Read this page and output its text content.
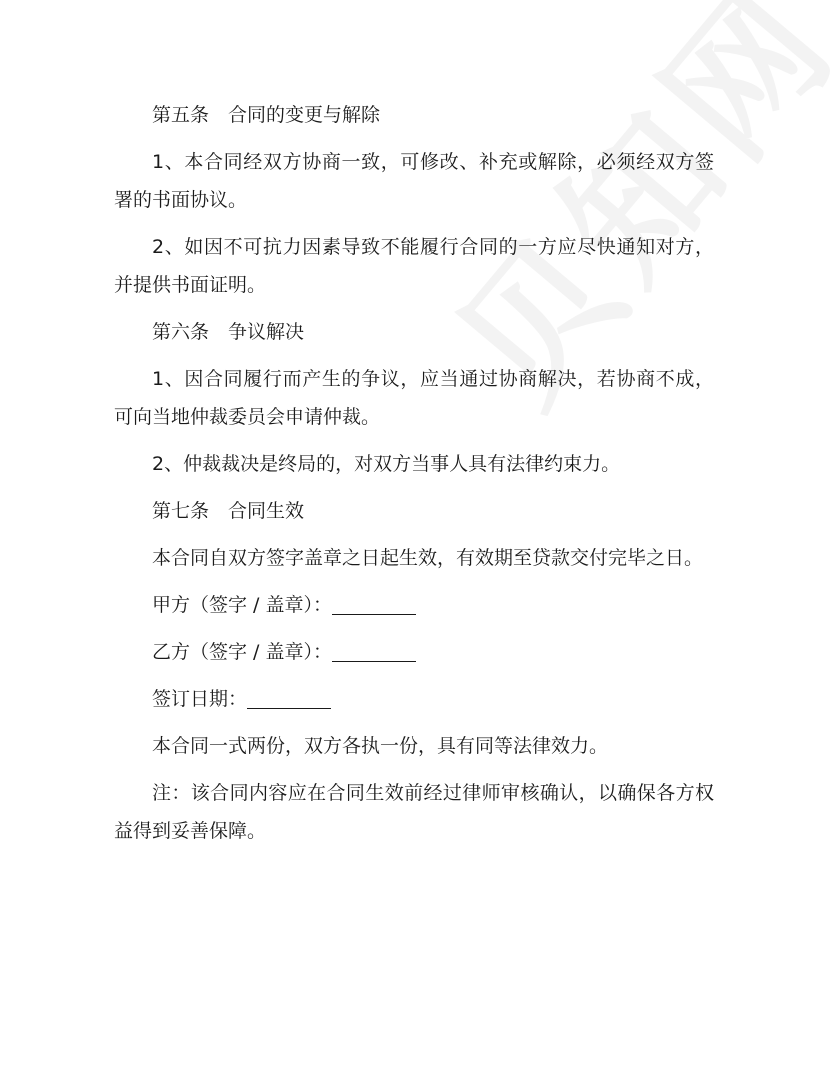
第五条　合同的变更与解除

1、本合同经双方协商一致，可修改、补充或解除，必须经双方签署的书面协议。

2、如因不可抗力因素导致不能履行合同的一方应尽快通知对方，并提供书面证明。

第六条　争议解决

1、因合同履行而产生的争议，应当通过协商解决，若协商不成，可向当地仲裁委员会申请仲裁。

2、仲裁裁决是终局的，对双方当事人具有法律约束力。

第七条　合同生效

本合同自双方签字盖章之日起生效，有效期至贷款交付完毕之日。

甲方（签字 / 盖章）：

乙方（签字 / 盖章）：

签订日期：

本合同一式两份，双方各执一份，具有同等法律效力。

注：该合同内容应在合同生效前经过律师审核确认，以确保各方权益得到妥善保障。
